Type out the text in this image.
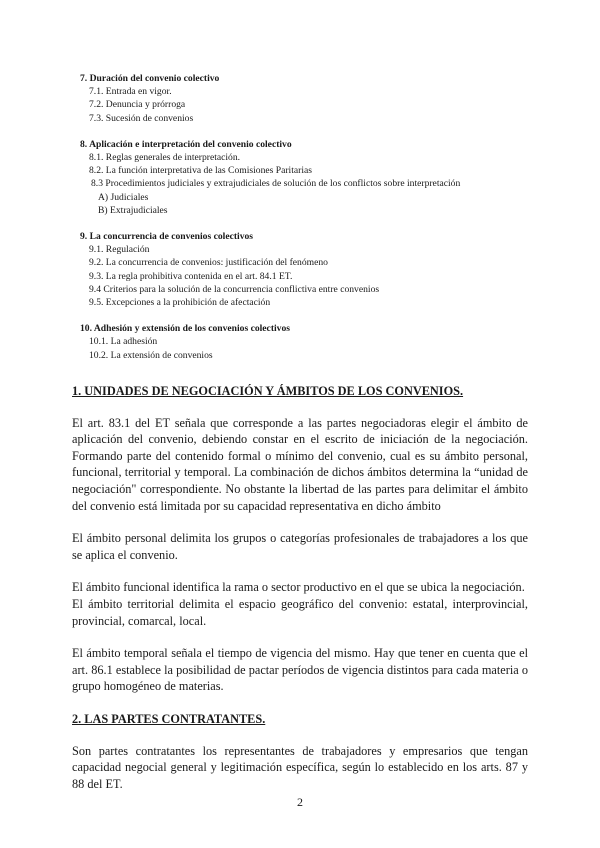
7. Duración del convenio colectivo
7.1. Entrada en vigor.
7.2. Denuncia y prórroga
7.3. Sucesión de convenios
8. Aplicación e interpretación del convenio colectivo
8.1. Reglas generales de interpretación.
8.2. La función interpretativa de las Comisiones Paritarias
8.3 Procedimientos judiciales y extrajudiciales de solución de los conflictos sobre interpretación
A) Judiciales
B) Extrajudiciales
9. La concurrencia de convenios colectivos
9.1. Regulación
9.2. La concurrencia de convenios: justificación del fenómeno
9.3. La regla prohibitiva contenida en el art. 84.1 ET.
9.4 Criterios para la solución de la concurrencia conflictiva entre convenios
9.5. Excepciones a la prohibición de afectación
10. Adhesión y extensión de los convenios colectivos
10.1. La adhesión
10.2. La extensión de convenios
1. UNIDADES DE NEGOCIACIÓN Y ÁMBITOS DE LOS CONVENIOS.
El art. 83.1 del ET señala que corresponde a las partes negociadoras elegir el ámbito de aplicación del convenio, debiendo constar en el escrito de iniciación de la negociación. Formando parte del contenido formal o mínimo del convenio, cual es su ámbito personal, funcional, territorial y temporal. La combinación de dichos ámbitos determina la “unidad de negociación" correspondiente. No obstante la libertad de las partes para delimitar el ámbito del convenio está limitada por su capacidad representativa en dicho ámbito
El ámbito personal delimita los grupos o categorías profesionales de trabajadores a los que se aplica el convenio.
El ámbito funcional identifica la rama o sector productivo en el que se ubica la negociación.
El ámbito territorial delimita el espacio geográfico del convenio: estatal, interprovincial, provincial, comarcal, local.
El ámbito temporal señala el tiempo de vigencia del mismo. Hay que tener en cuenta que el art. 86.1 establece la posibilidad de pactar períodos de vigencia distintos para cada materia o grupo homogéneo de materias.
2. LAS PARTES CONTRATANTES.
Son partes contratantes los representantes de trabajadores y empresarios que tengan capacidad negocial general y legitimación específica, según lo establecido en los arts. 87 y 88 del ET.
2
